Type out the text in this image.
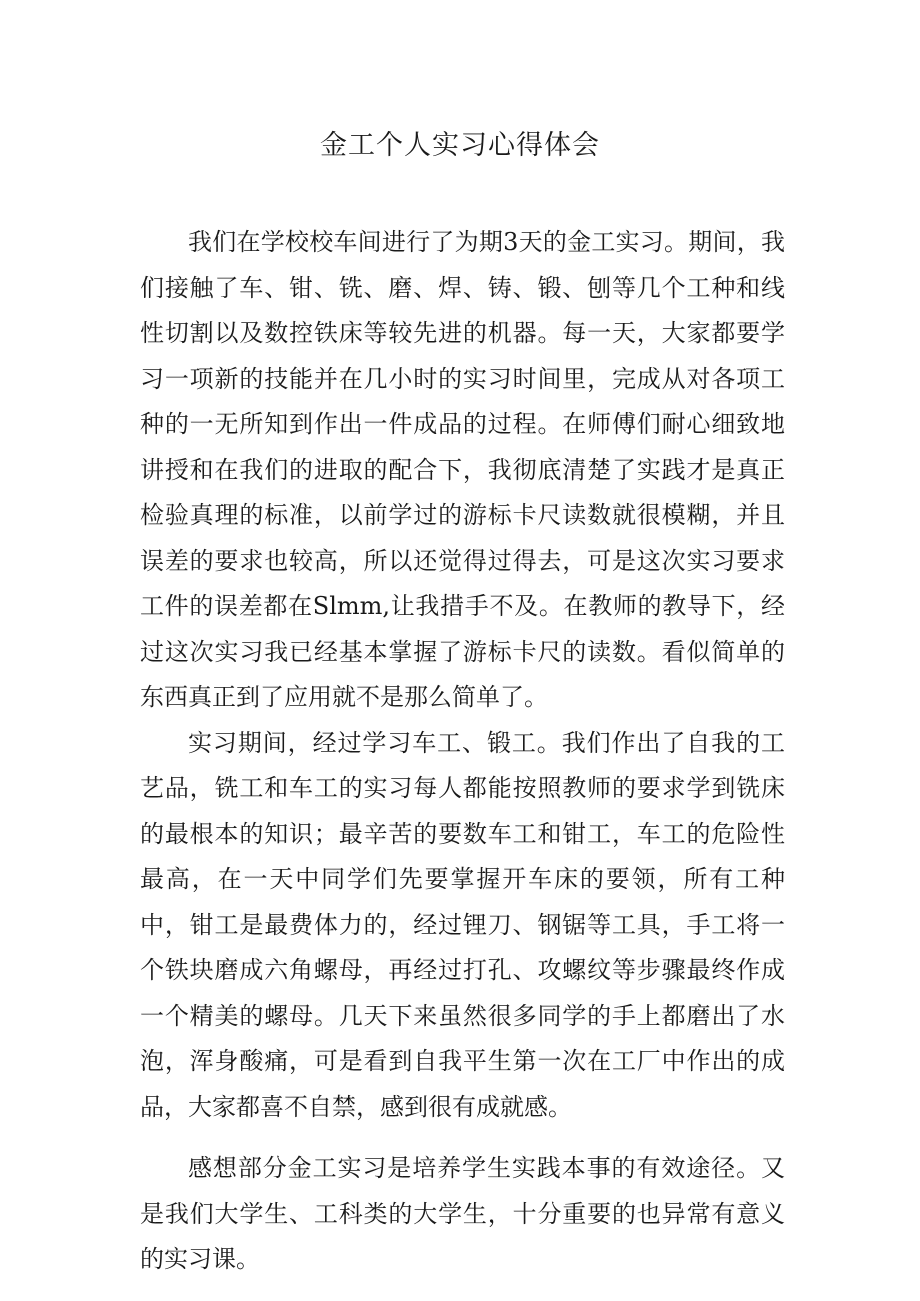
金工个人实习心得体会

我们在学校校车间进行了为期3天的金工实习。期间，我们接触了车、钳、铣、磨、焊、铸、锻、刨等几个工种和线性切割以及数控铁床等较先进的机器。每一天，大家都要学习一项新的技能并在几小时的实习时间里，完成从对各项工种的一无所知到作出一件成品的过程。在师傅们耐心细致地讲授和在我们的进取的配合下，我彻底清楚了实践才是真正检验真理的标准，以前学过的游标卡尺读数就很模糊，并且误差的要求也较高，所以还觉得过得去，可是这次实习要求工件的误差都在Slmm,让我措手不及。在教师的教导下，经过这次实习我已经基本掌握了游标卡尺的读数。看似简单的东西真正到了应用就不是那么简单了。

实习期间，经过学习车工、锻工。我们作出了自我的工艺品，铣工和车工的实习每人都能按照教师的要求学到铣床的最根本的知识；最辛苦的要数车工和钳工，车工的危险性最高，在一天中同学们先要掌握开车床的要领，所有工种中，钳工是最费体力的，经过锂刀、钢锯等工具，手工将一个铁块磨成六角螺母，再经过打孔、攻螺纹等步骤最终作成一个精美的螺母。几天下来虽然很多同学的手上都磨出了水泡，浑身酸痛，可是看到自我平生第一次在工厂中作出的成品，大家都喜不自禁，感到很有成就感。

感想部分金工实习是培养学生实践本事的有效途径。又是我们大学生、工科类的大学生，十分重要的也异常有意义的实习课。
